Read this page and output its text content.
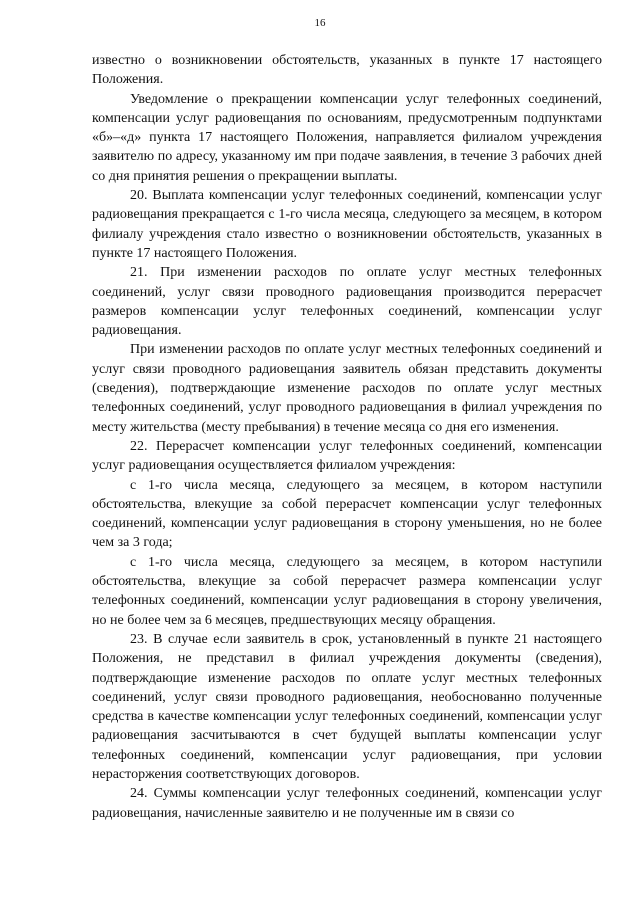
16

известно о возникновении обстоятельств, указанных в пункте 17 настоящего Положения.

Уведомление о прекращении компенсации услуг телефонных соединений, компенсации услуг радиовещания по основаниям, предусмотренным подпунктами «б»–«д» пункта 17 настоящего Положения, направляется филиалом учреждения заявителю по адресу, указанному им при подаче заявления, в течение 3 рабочих дней со дня принятия решения о прекращении выплаты.

20. Выплата компенсации услуг телефонных соединений, компенсации услуг радиовещания прекращается с 1-го числа месяца, следующего за месяцем, в котором филиалу учреждения стало известно о возникновении обстоятельств, указанных в пункте 17 настоящего Положения.

21. При изменении расходов по оплате услуг местных телефонных соединений, услуг связи проводного радиовещания производится перерасчет размеров компенсации услуг телефонных соединений, компенсации услуг радиовещания.

При изменении расходов по оплате услуг местных телефонных соединений и услуг связи проводного радиовещания заявитель обязан представить документы (сведения), подтверждающие изменение расходов по оплате услуг местных телефонных соединений, услуг проводного радиовещания в филиал учреждения по месту жительства (месту пребывания) в течение месяца со дня его изменения.

22. Перерасчет компенсации услуг телефонных соединений, компенсации услуг радиовещания осуществляется филиалом учреждения:

с 1-го числа месяца, следующего за месяцем, в котором наступили обстоятельства, влекущие за собой перерасчет компенсации услуг телефонных соединений, компенсации услуг радиовещания в сторону уменьшения, но не более чем за 3 года;

с 1-го числа месяца, следующего за месяцем, в котором наступили обстоятельства, влекущие за собой перерасчет размера компенсации услуг телефонных соединений, компенсации услуг радиовещания в сторону увеличения, но не более чем за 6 месяцев, предшествующих месяцу обращения.

23. В случае если заявитель в срок, установленный в пункте 21 настоящего Положения, не представил в филиал учреждения документы (сведения), подтверждающие изменение расходов по оплате услуг местных телефонных соединений, услуг связи проводного радиовещания, необоснованно полученные средства в качестве компенсации услуг телефонных соединений, компенсации услуг радиовещания засчитываются в счет будущей выплаты компенсации услуг телефонных соединений, компенсации услуг радиовещания, при условии нерасторжения соответствующих договоров.

24. Суммы компенсации услуг телефонных соединений, компенсации услуг радиовещания, начисленные заявителю и не полученные им в связи со
